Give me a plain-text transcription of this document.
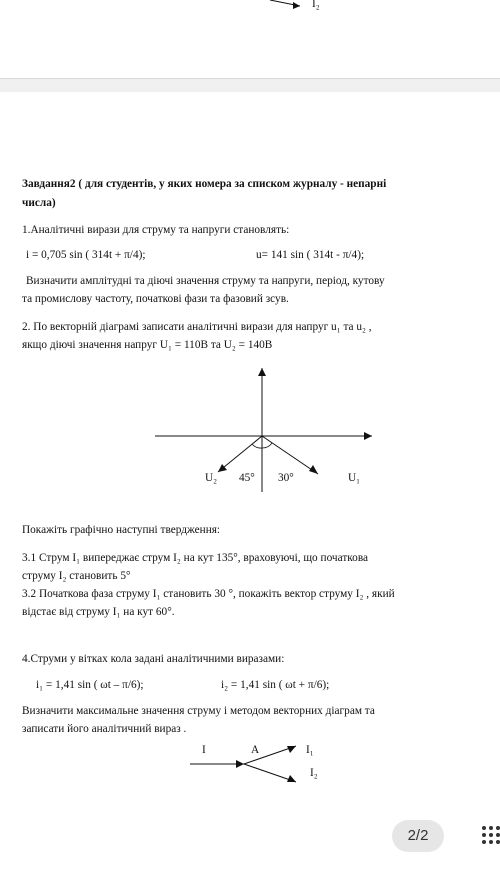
I₂
Завдання2 ( для студентів, у яких номера за списком журналу - непарні
числа)
1.Аналітичні вирази для струму та напруги становлять:
i = 0,705 sin ( 314t + π/4);	u= 141 sin ( 314t - π/4);
Визначити амплітудні та діючі значення струму та напруги, період, кутову
та промислову частоту, початкові фази та фазовий зсув.
2. По векторній діаграмі записати аналітичні вирази для напруг u₁ та u₂ ,
якщо діючі значення напруг U₁ = 110В та U₂ = 140В
U₂ 45° 30°	U₁
Покажіть графічно наступні твердження:
3.1 Струм I₁ випереджає струм I₂ на кут 135°, враховуючі, що початкова
струму I₂ становить 5°
3.2 Початкова фаза струму I₁ становить 30 °, покажіть вектор струму I₂ , який
відстає від струму I₁ на кут 60°.
4.Струми у вітках кола задані аналітичними виразами:
i₁ = 1,41 sin ( ωt – π/6);	i₂ = 1,41 sin ( ωt + π/6);
Визначити максимальне значення струму і методом векторних діаграм та
записати його аналітичний вираз .
I	A	I₁
I₂
2/2
